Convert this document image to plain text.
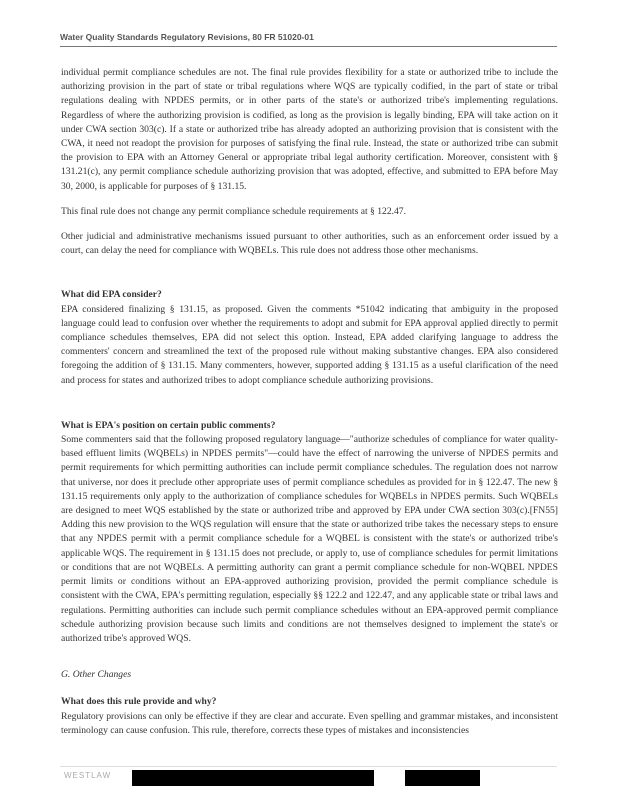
Water Quality Standards Regulatory Revisions, 80 FR 51020-01

individual permit compliance schedules are not. The final rule provides flexibility for a state or authorized tribe to include the authorizing provision in the part of state or tribal regulations where WQS are typically codified, in the part of state or tribal regulations dealing with NPDES permits, or in other parts of the state's or authorized tribe's implementing regulations. Regardless of where the authorizing provision is codified, as long as the provision is legally binding, EPA will take action on it under CWA section 303(c). If a state or authorized tribe has already adopted an authorizing provision that is consistent with the CWA, it need not readopt the provision for purposes of satisfying the final rule. Instead, the state or authorized tribe can submit the provision to EPA with an Attorney General or appropriate tribal legal authority certification. Moreover, consistent with § 131.21(c), any permit compliance schedule authorizing provision that was adopted, effective, and submitted to EPA before May 30, 2000, is applicable for purposes of § 131.15.

This final rule does not change any permit compliance schedule requirements at § 122.47.

Other judicial and administrative mechanisms issued pursuant to other authorities, such as an enforcement order issued by a court, can delay the need for compliance with WQBELs. This rule does not address those other mechanisms.

What did EPA consider?

EPA considered finalizing § 131.15, as proposed. Given the comments *51042 indicating that ambiguity in the proposed language could lead to confusion over whether the requirements to adopt and submit for EPA approval applied directly to permit compliance schedules themselves, EPA did not select this option. Instead, EPA added clarifying language to address the commenters' concern and streamlined the text of the proposed rule without making substantive changes. EPA also considered foregoing the addition of § 131.15. Many commenters, however, supported adding § 131.15 as a useful clarification of the need and process for states and authorized tribes to adopt compliance schedule authorizing provisions.

What is EPA's position on certain public comments?

Some commenters said that the following proposed regulatory language—"authorize schedules of compliance for water quality-based effluent limits (WQBELs) in NPDES permits"—could have the effect of narrowing the universe of NPDES permits and permit requirements for which permitting authorities can include permit compliance schedules. The regulation does not narrow that universe, nor does it preclude other appropriate uses of permit compliance schedules as provided for in § 122.47. The new § 131.15 requirements only apply to the authorization of compliance schedules for WQBELs in NPDES permits. Such WQBELs are designed to meet WQS established by the state or authorized tribe and approved by EPA under CWA section 303(c).[FN55] Adding this new provision to the WQS regulation will ensure that the state or authorized tribe takes the necessary steps to ensure that any NPDES permit with a permit compliance schedule for a WQBEL is consistent with the state's or authorized tribe's applicable WQS. The requirement in § 131.15 does not preclude, or apply to, use of compliance schedules for permit limitations or conditions that are not WQBELs. A permitting authority can grant a permit compliance schedule for non-WQBEL NPDES permit limits or conditions without an EPA-approved authorizing provision, provided the permit compliance schedule is consistent with the CWA, EPA's permitting regulation, especially §§ 122.2 and 122.47, and any applicable state or tribal laws and regulations. Permitting authorities can include such permit compliance schedules without an EPA-approved permit compliance schedule authorizing provision because such limits and conditions are not themselves designed to implement the state's or authorized tribe's approved WQS.

G. Other Changes

What does this rule provide and why?

Regulatory provisions can only be effective if they are clear and accurate. Even spelling and grammar mistakes, and inconsistent terminology can cause confusion. This rule, therefore, corrects these types of mistakes and inconsistencies

WESTLAW
